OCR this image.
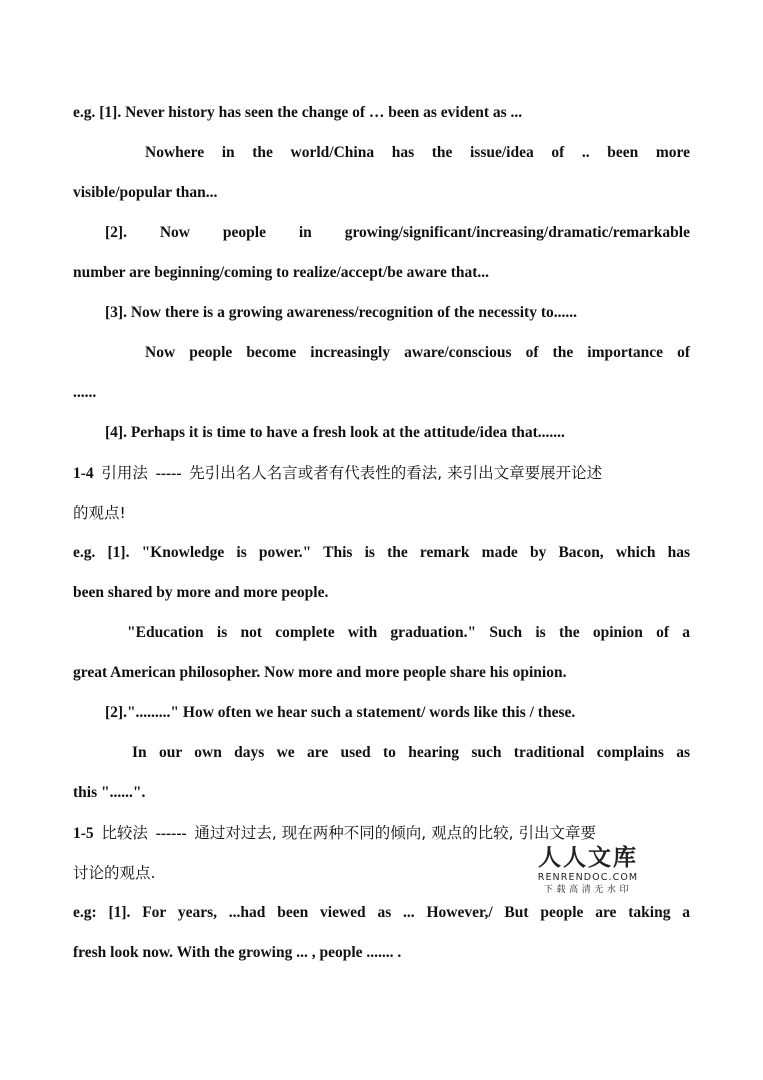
e.g. [1]. Never history has seen the change of … been as evident as ...
Nowhere in the world/China has the issue/idea of .. been more
visible/popular than...
[2]. Now people in growing/significant/increasing/dramatic/remarkable
number are beginning/coming to realize/accept/be aware that...
[3]. Now there is a growing awareness/recognition of the necessity to......
Now people become increasingly aware/conscious of the importance of
......
[4]. Perhaps it is time to have a fresh look at the attitude/idea that.......
1-4 引用法 ----- 先引出名人名言或者有代表性的看法, 来引出文章要展开论述
的观点!
e.g. [1]. "Knowledge is power." This is the remark made by Bacon, which has
been shared by more and more people.
"Education is not complete with graduation." Such is the opinion of a
great American philosopher. Now more and more people share his opinion.
[2]."........." How often we hear such a statement/ words like this / these.
In our own days we are used to hearing such traditional complains as
this "......".
1-5 比较法 ------ 通过对过去, 现在两种不同的倾向, 观点的比较, 引出文章要
讨论的观点.
e.g: [1]. For years, ...had been viewed as ... However,/ But people are taking a
fresh look now. With the growing ... , people ....... .
人人文库
RENRENDOC.COM
下载高清无水印
